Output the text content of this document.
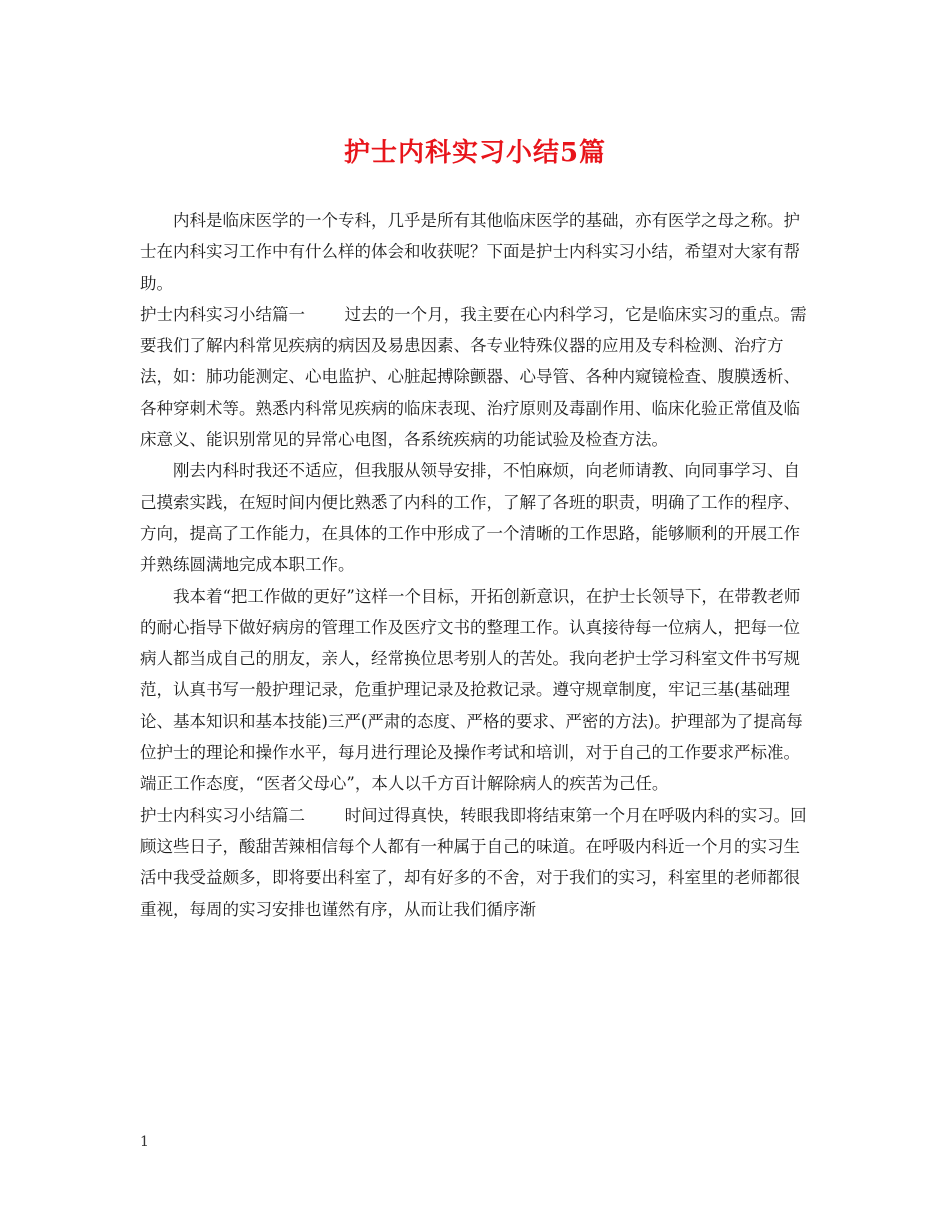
护士内科实习小结5篇

内科是临床医学的一个专科，几乎是所有其他临床医学的基础，亦有医学之母之称。护士在内科实习工作中有什么样的体会和收获呢？下面是护士内科实习小结，希望对大家有帮助。

护士内科实习小结篇一 过去的一个月，我主要在心内科学习，它是临床实习的重点。需要我们了解内科常见疾病的病因及易患因素、各专业特殊仪器的应用及专科检测、治疗方法，如：肺功能测定、心电监护、心脏起搏除颤器、心导管、各种内窥镜检查、腹膜透析、各种穿刺术等。熟悉内科常见疾病的临床表现、治疗原则及毒副作用、临床化验正常值及临床意义、能识别常见的异常心电图，各系统疾病的功能试验及检查方法。

刚去内科时我还不适应，但我服从领导安排，不怕麻烦，向老师请教、向同事学习、自己摸索实践，在短时间内便比熟悉了内科的工作，了解了各班的职责，明确了工作的程序、方向，提高了工作能力，在具体的工作中形成了一个清晰的工作思路，能够顺利的开展工作并熟练圆满地完成本职工作。

我本着“把工作做的更好”这样一个目标，开拓创新意识，在护士长领导下，在带教老师的耐心指导下做好病房的管理工作及医疗文书的整理工作。认真接待每一位病人，把每一位病人都当成自己的朋友，亲人，经常换位思考别人的苦处。我向老护士学习科室文件书写规范，认真书写一般护理记录，危重护理记录及抢救记录。遵守规章制度，牢记三基(基础理论、基本知识和基本技能)三严(严肃的态度、严格的要求、严密的方法)。护理部为了提高每位护士的理论和操作水平，每月进行理论及操作考试和培训，对于自己的工作要求严标准。端正工作态度，“医者父母心”，本人以千方百计解除病人的疾苦为己任。

护士内科实习小结篇二 时间过得真快，转眼我即将结束第一个月在呼吸内科的实习。回顾这些日子，酸甜苦辣相信每个人都有一种属于自己的味道。在呼吸内科近一个月的实习生活中我受益颇多，即将要出科室了，却有好多的不舍，对于我们的实习，科室里的老师都很重视，每周的实习安排也谨然有序，从而让我们循序渐

1
